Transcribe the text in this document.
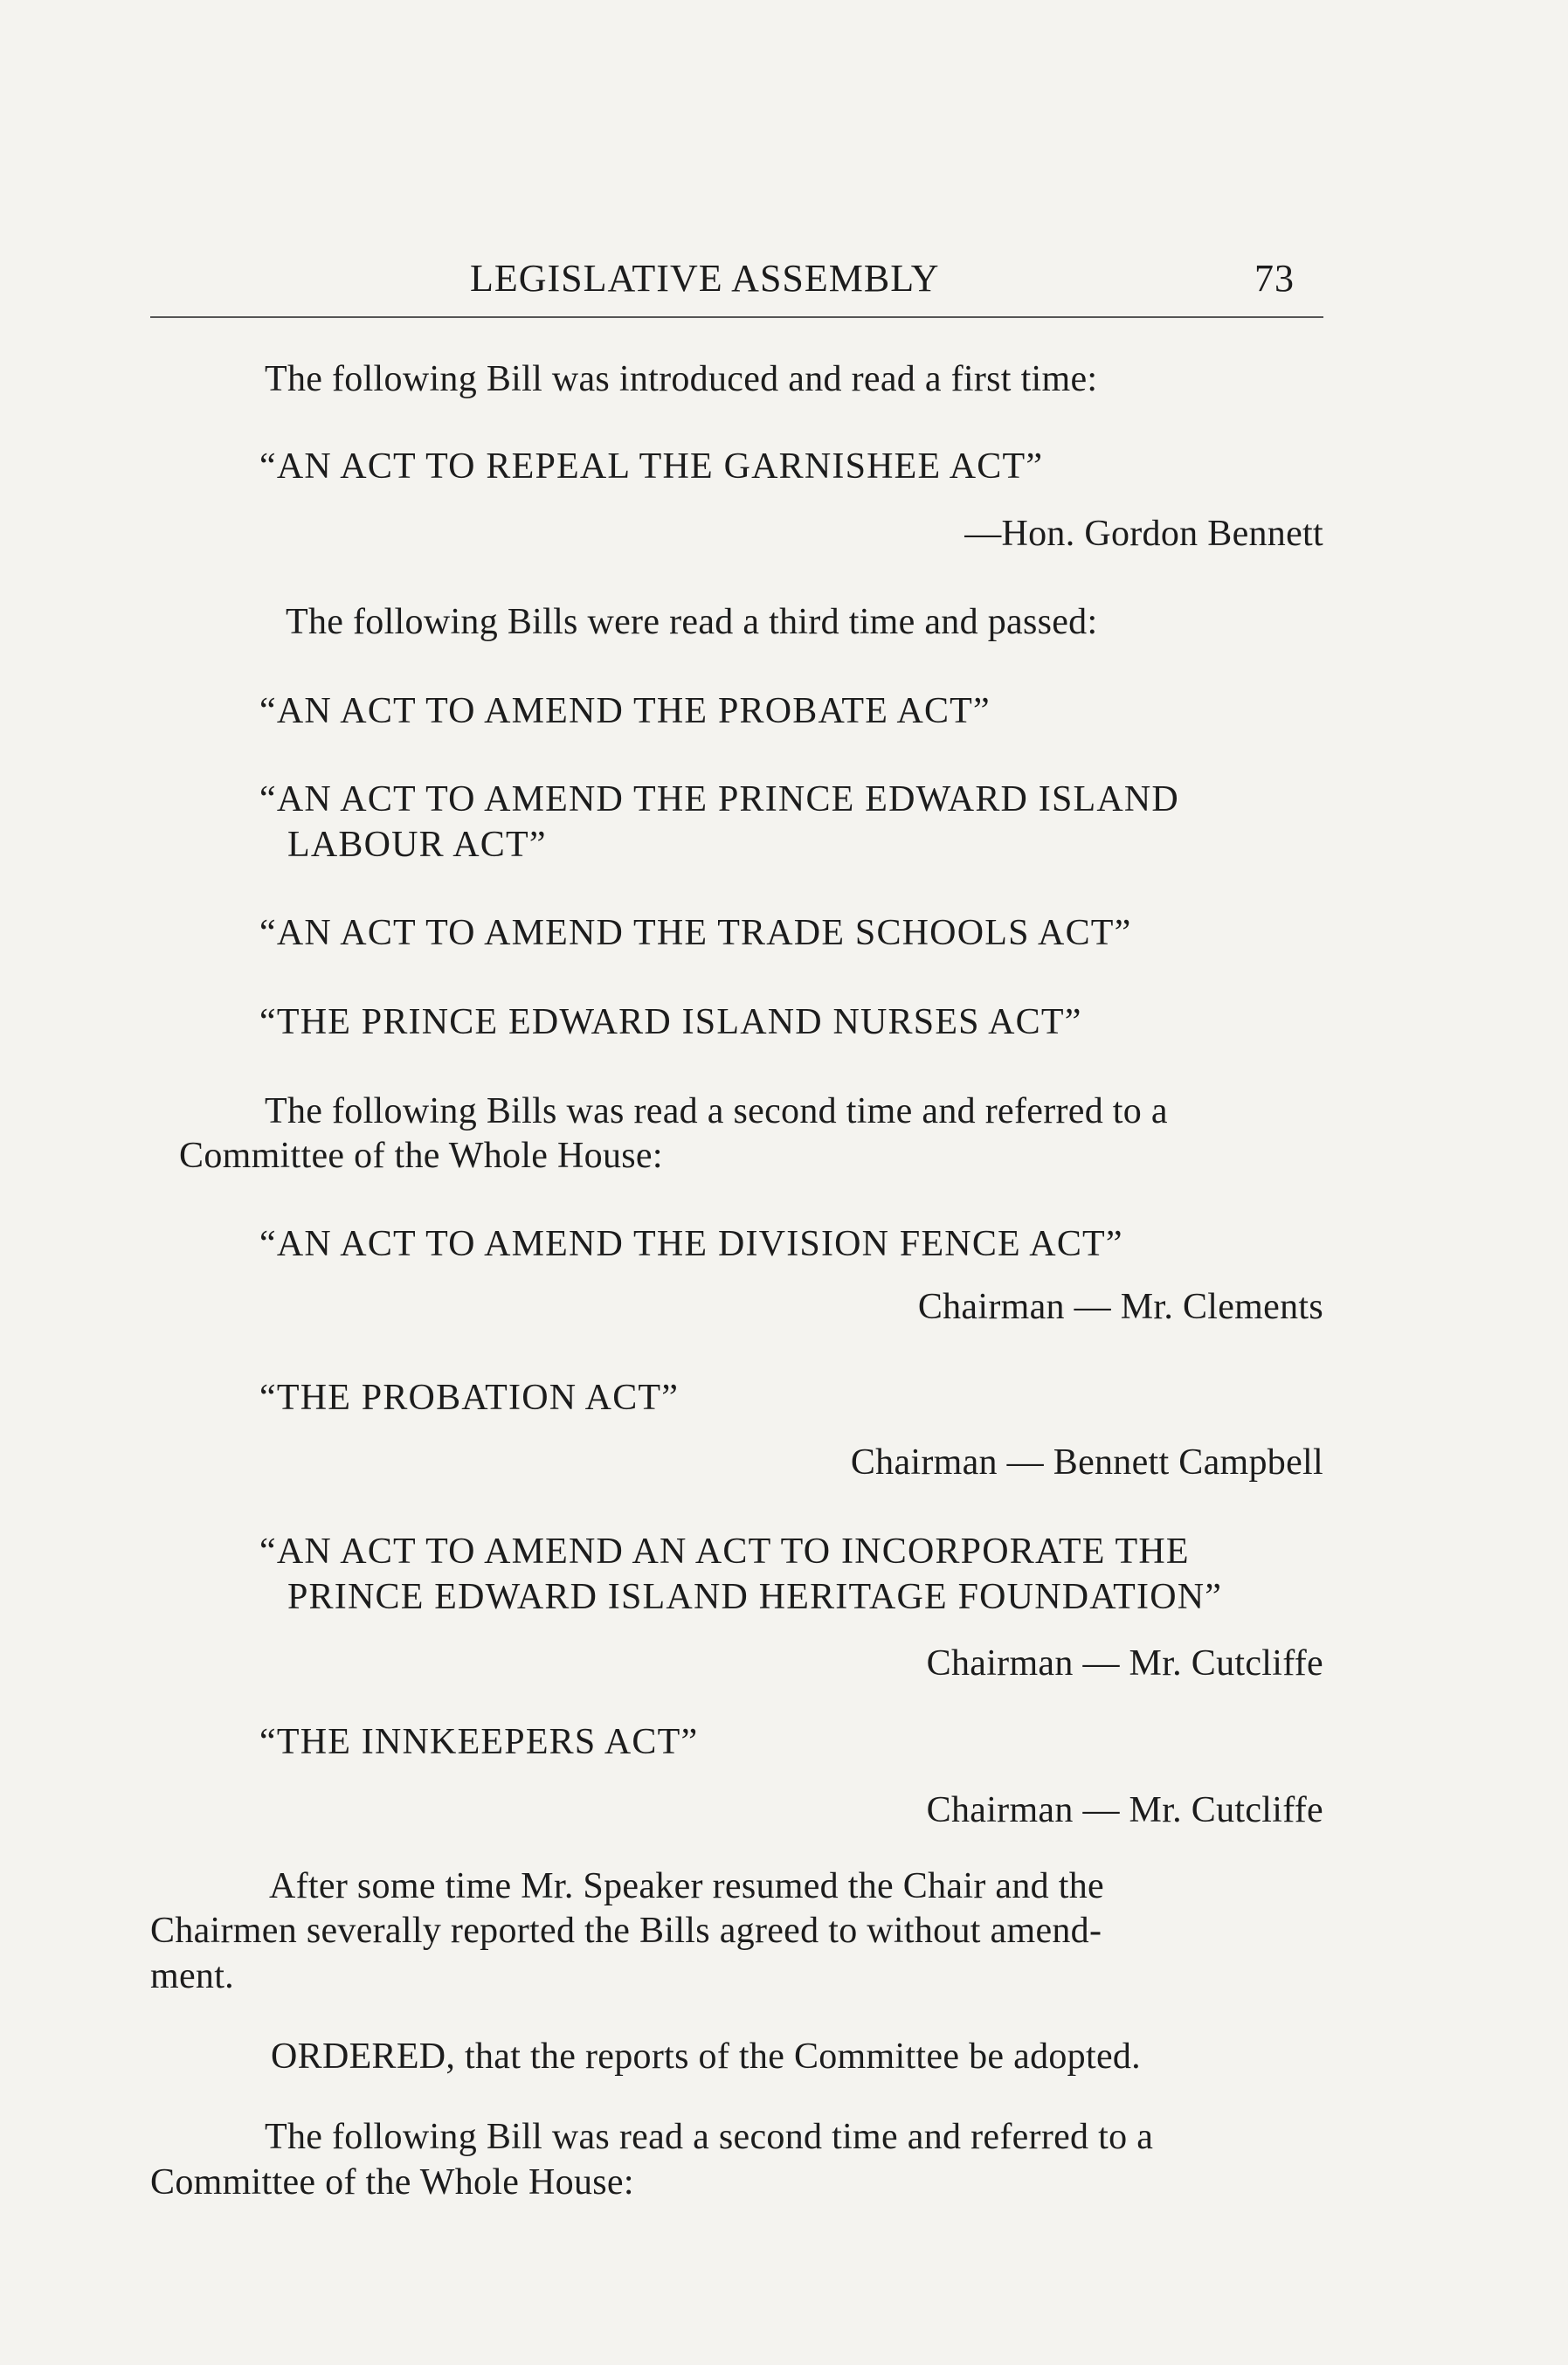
LEGISLATIVE ASSEMBLY	73

The following Bill was introduced and read a first time:

“AN ACT TO REPEAL THE GARNISHEE ACT”

—Hon. Gordon Bennett

The following Bills were read a third time and passed:

“AN ACT TO AMEND THE PROBATE ACT”

“AN ACT TO AMEND THE PRINCE EDWARD ISLAND

LABOUR ACT”

“AN ACT TO AMEND THE TRADE SCHOOLS ACT”

“THE PRINCE EDWARD ISLAND NURSES ACT”

The following Bills was read a second time and referred to a

Committee of the Whole House:

“AN ACT TO AMEND THE DIVISION FENCE ACT”

Chairman — Mr. Clements

“THE PROBATION ACT”

Chairman — Bennett Campbell

“AN ACT TO AMEND AN ACT TO INCORPORATE THE

PRINCE EDWARD ISLAND HERITAGE FOUNDATION”

Chairman — Mr. Cutcliffe

“THE INNKEEPERS ACT”

Chairman — Mr. Cutcliffe

After some time Mr. Speaker resumed the Chair and the

Chairmen severally reported the Bills agreed to without amend-

ment.

ORDERED, that the reports of the Committee be adopted.

The following Bill was read a second time and referred to a

Committee of the Whole House:
